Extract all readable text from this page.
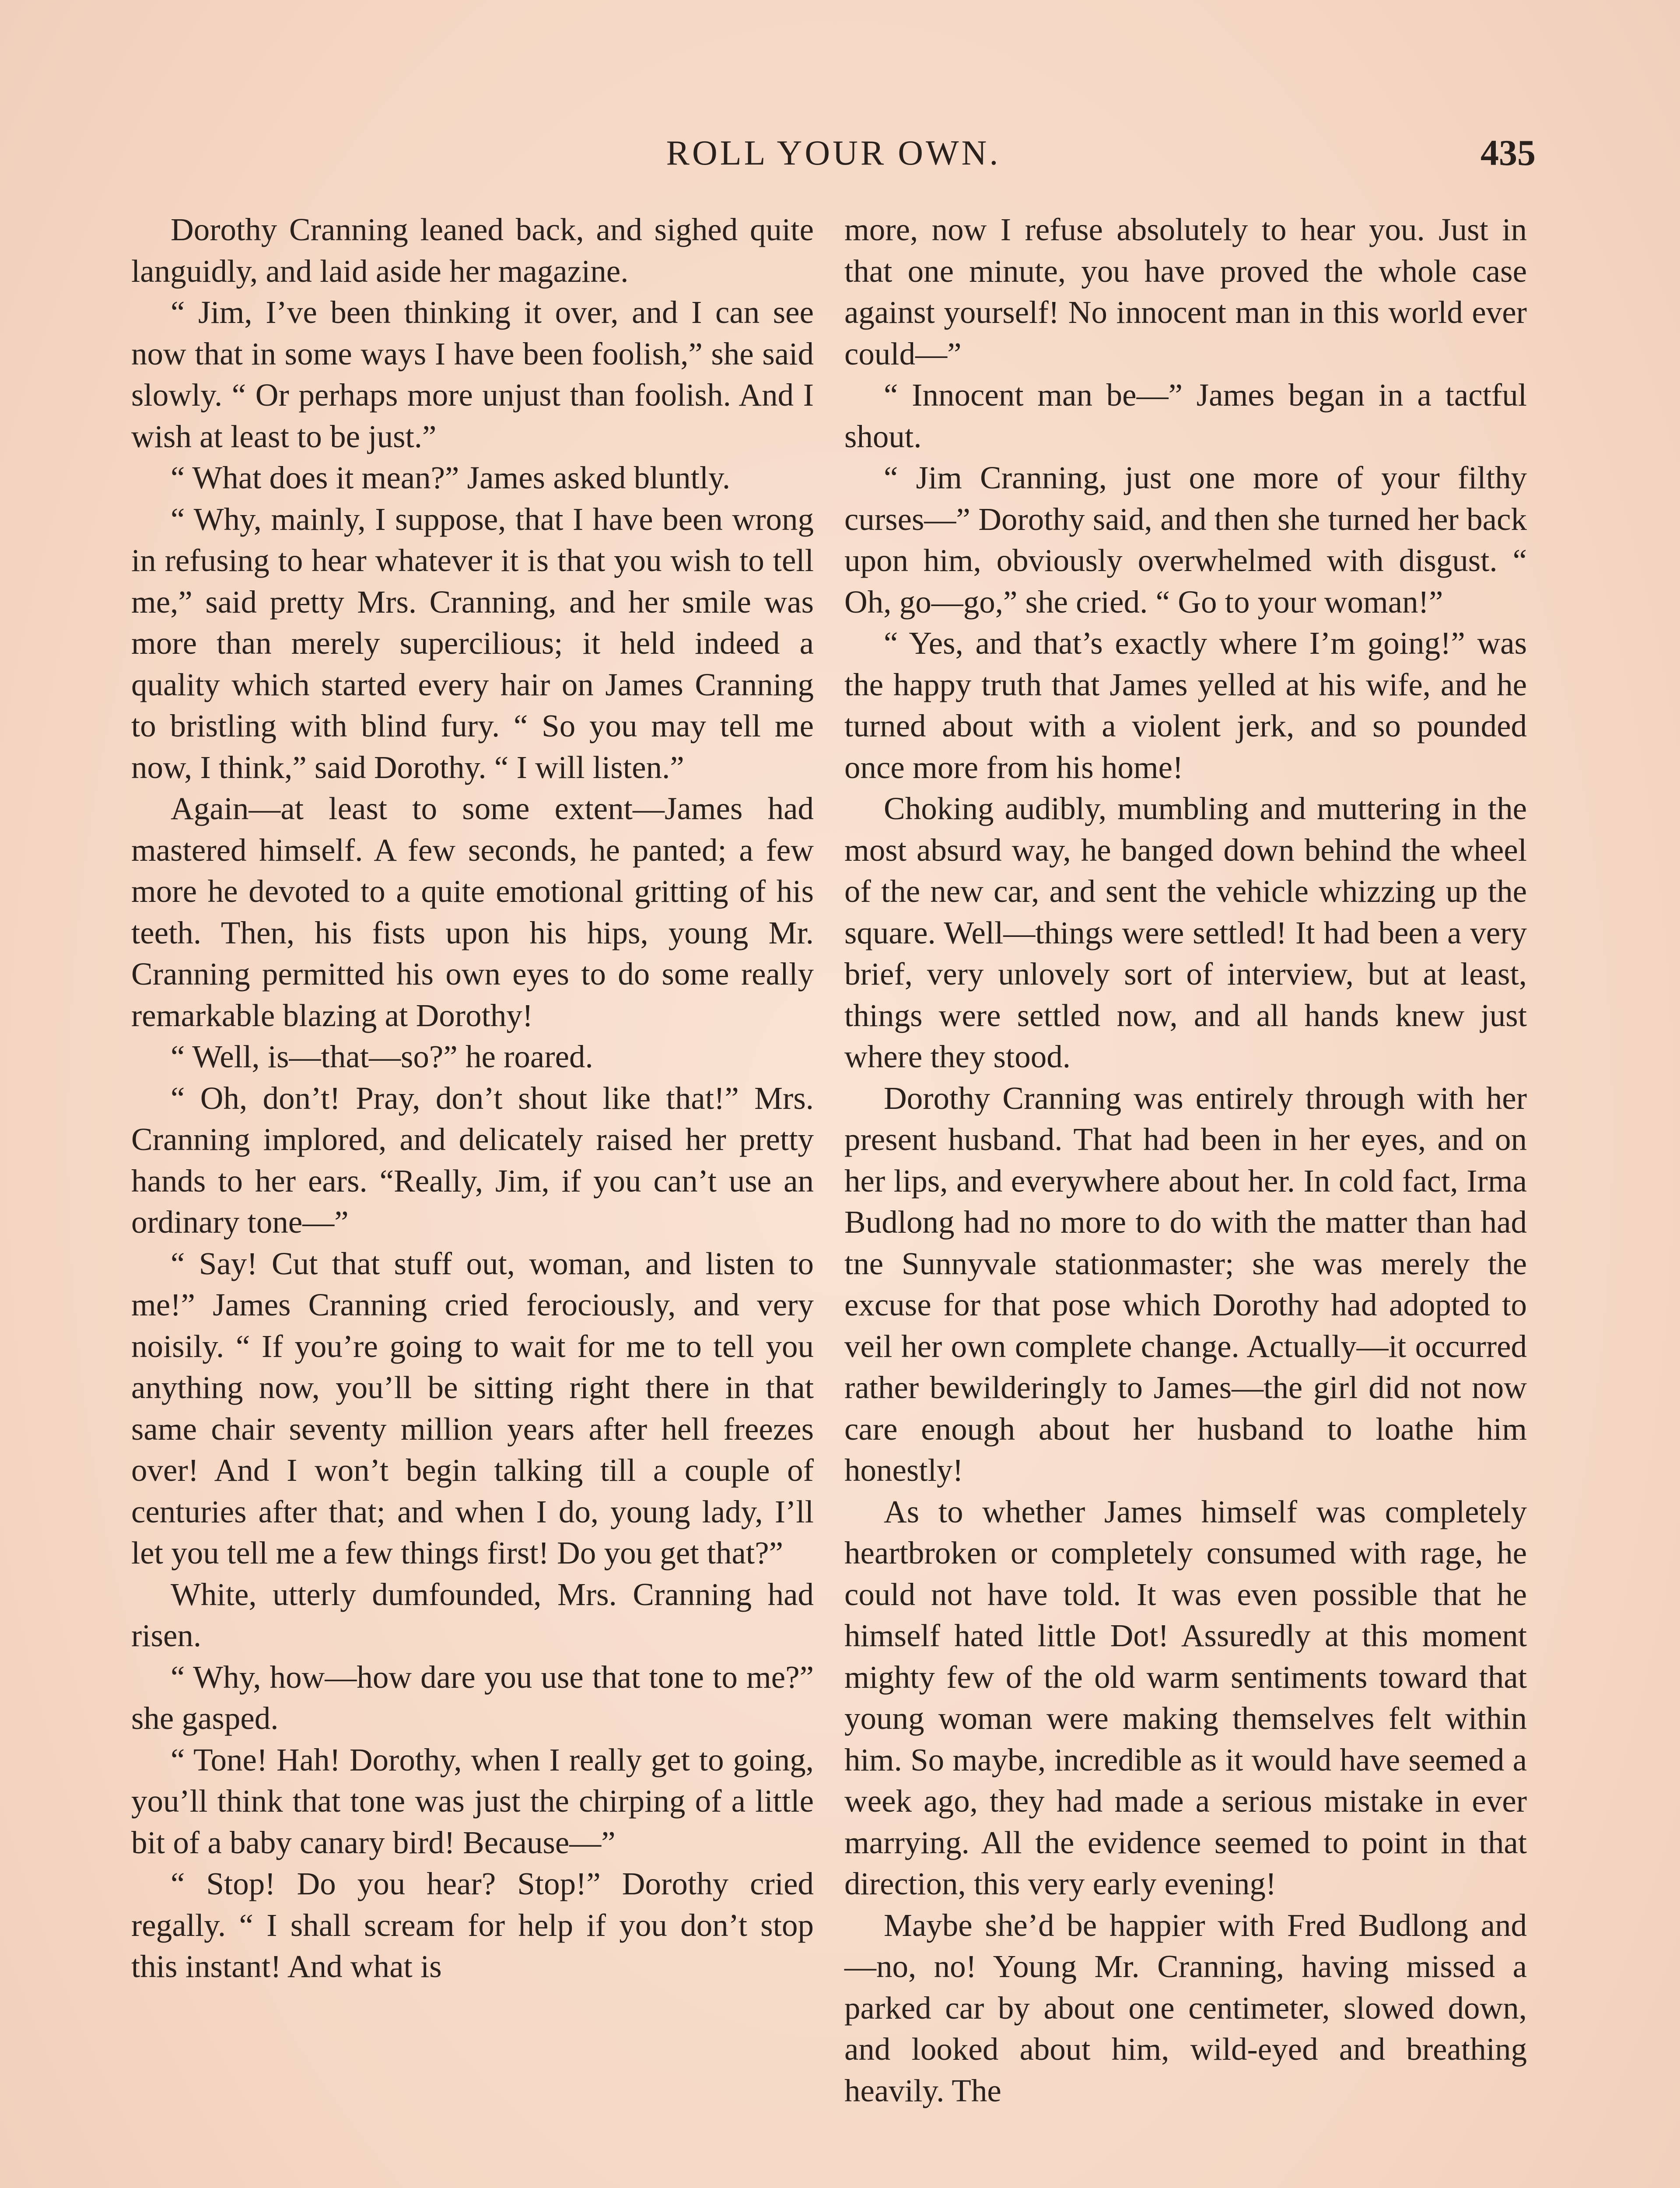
ROLL YOUR OWN.	435

Dorothy Cranning leaned back, and sighed quite languidly, and laid aside her magazine.

“ Jim, I’ve been thinking it over, and I can see now that in some ways I have been foolish,” she said slowly. “ Or perhaps more unjust than foolish. And I wish at least to be just.”

“ What does it mean?” James asked bluntly.

“ Why, mainly, I suppose, that I have been wrong in refusing to hear whatever it is that you wish to tell me,” said pretty Mrs. Cranning, and her smile was more than merely supercilious; it held indeed a quality which started every hair on James Cranning to bristling with blind fury. “ So you may tell me now, I think,” said Dorothy. “ I will listen.”

Again—at least to some extent—James had mastered himself. A few seconds, he panted; a few more he devoted to a quite emotional gritting of his teeth. Then, his fists upon his hips, young Mr. Cranning permitted his own eyes to do some really remarkable blazing at Dorothy!

“ Well, is—that—so?” he roared.

“ Oh, don’t! Pray, don’t shout like that!” Mrs. Cranning implored, and delicately raised her pretty hands to her ears. “Really, Jim, if you can’t use an ordinary tone—”

“ Say! Cut that stuff out, woman, and listen to me!” James Cranning cried ferociously, and very noisily. “ If you’re going to wait for me to tell you anything now, you’ll be sitting right there in that same chair seventy million years after hell freezes over! And I won’t begin talking till a couple of centuries after that; and when I do, young lady, I’ll let you tell me a few things first! Do you get that?”

White, utterly dumfounded, Mrs. Cranning had risen.

“ Why, how—how dare you use that tone to me?” she gasped.

“ Tone! Hah! Dorothy, when I really get to going, you’ll think that tone was just the chirping of a little bit of a baby canary bird! Because—”

“ Stop! Do you hear? Stop!” Dorothy cried regally. “ I shall scream for help if you don’t stop this instant! And what is

more, now I refuse absolutely to hear you. Just in that one minute, you have proved the whole case against yourself! No innocent man in this world ever could—”

“ Innocent man be—” James began in a tactful shout.

“ Jim Cranning, just one more of your filthy curses—” Dorothy said, and then she turned her back upon him, obviously overwhelmed with disgust. “ Oh, go—go,” she cried. “ Go to your woman!”

“ Yes, and that’s exactly where I’m going!” was the happy truth that James yelled at his wife, and he turned about with a violent jerk, and so pounded once more from his home!

Choking audibly, mumbling and muttering in the most absurd way, he banged down behind the wheel of the new car, and sent the vehicle whizzing up the square. Well—things were settled! It had been a very brief, very unlovely sort of interview, but at least, things were settled now, and all hands knew just where they stood.

Dorothy Cranning was entirely through with her present husband. That had been in her eyes, and on her lips, and everywhere about her. In cold fact, Irma Budlong had no more to do with the matter than had tne Sunnyvale stationmaster; she was merely the excuse for that pose which Dorothy had adopted to veil her own complete change. Actually—it occurred rather bewilderingly to James—the girl did not now care enough about her husband to loathe him honestly!

As to whether James himself was completely heartbroken or completely consumed with rage, he could not have told. It was even possible that he himself hated little Dot! Assuredly at this moment mighty few of the old warm sentiments toward that young woman were making themselves felt within him. So maybe, incredible as it would have seemed a week ago, they had made a serious mistake in ever marrying. All the evidence seemed to point in that direction, this very early evening!

Maybe she’d be happier with Fred Budlong and —no, no! Young Mr. Cranning, having missed a parked car by about one centimeter, slowed down, and looked about him, wild-eyed and breathing heavily. The
